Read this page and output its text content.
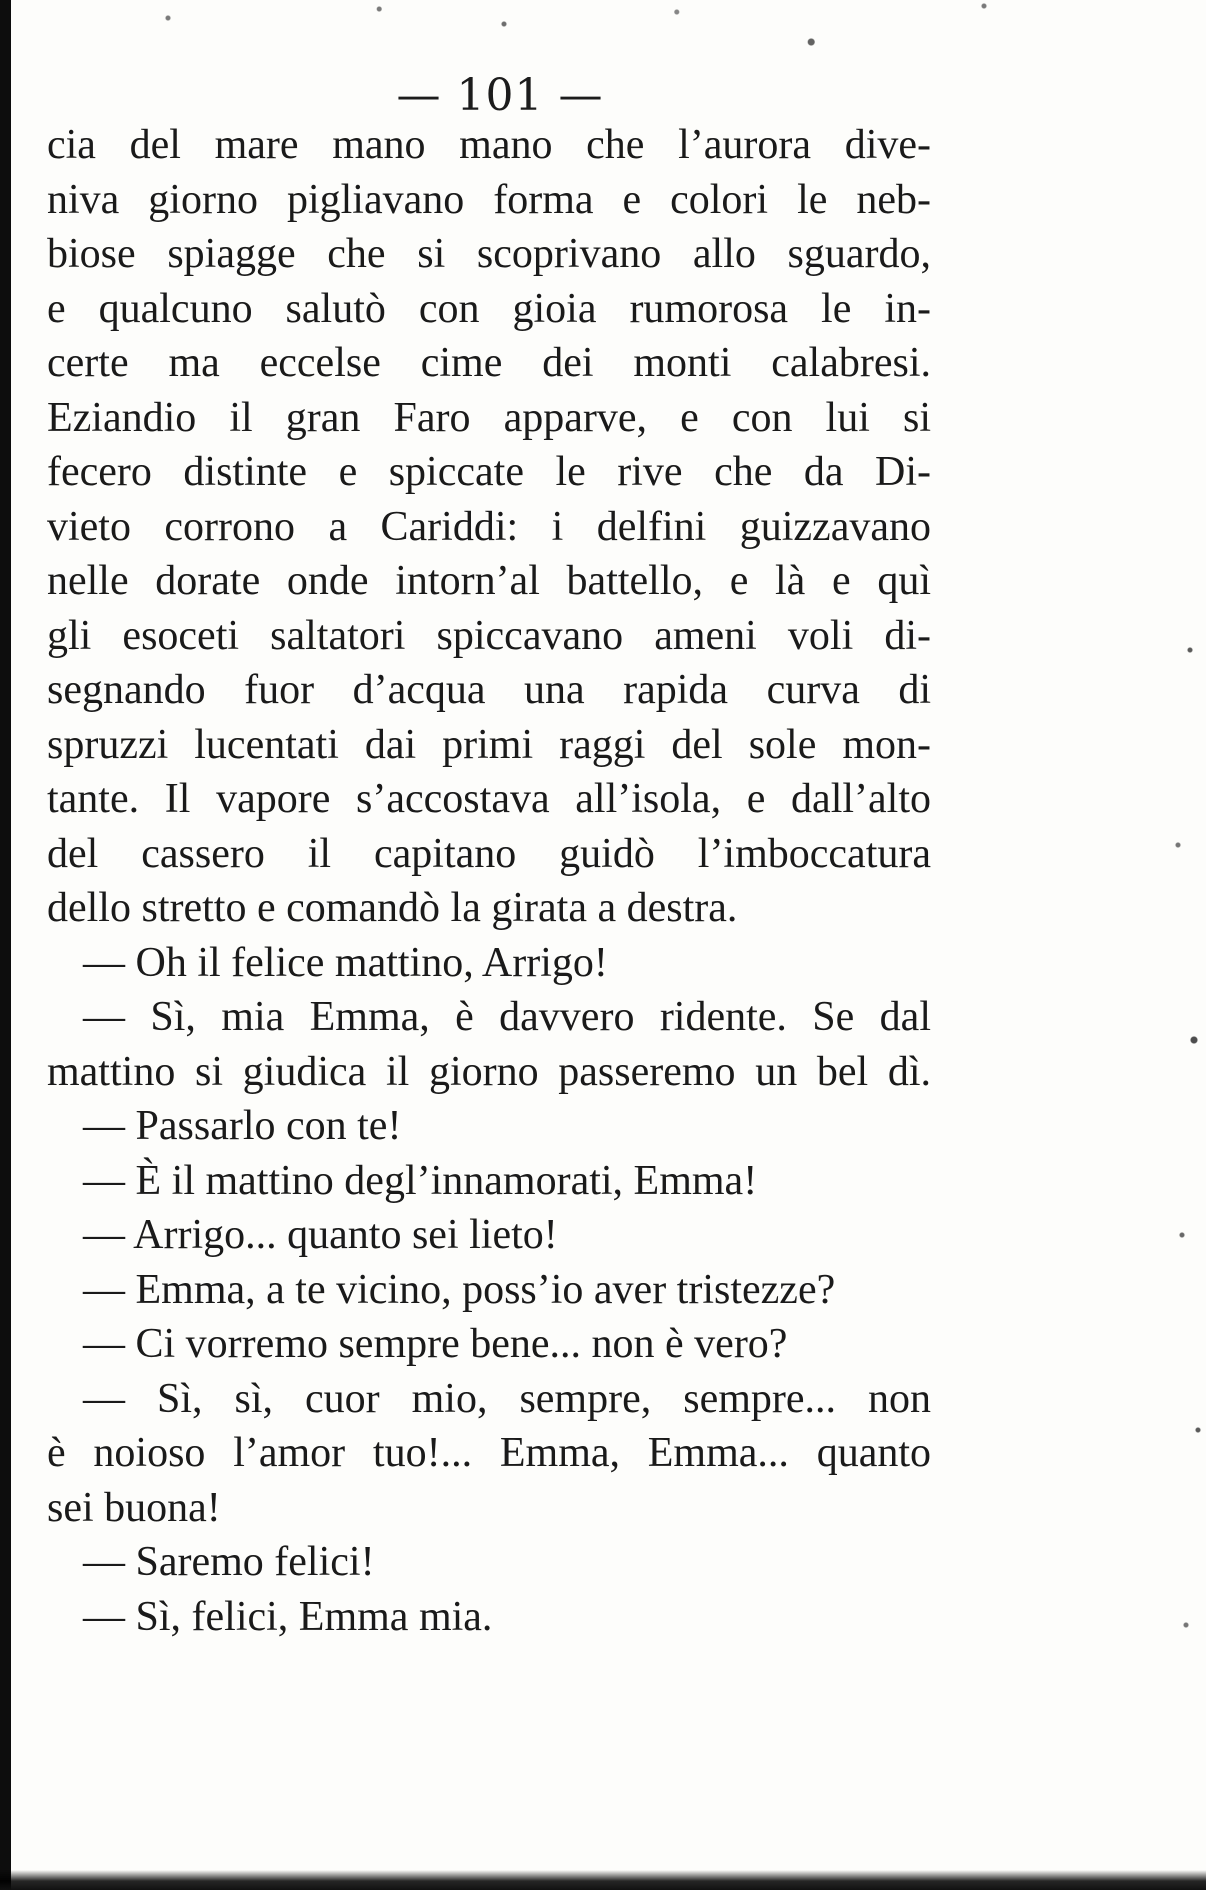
— 101 —
cia del mare mano mano che l’aurora dive-
niva giorno pigliavano forma e colori le neb-
biose spiagge che si scoprivano allo sguardo,
e qualcuno salutò con gioia rumorosa le in-
certe ma eccelse cime dei monti calabresi.
Eziandio il gran Faro apparve, e con lui si
fecero distinte e spiccate le rive che da Di-
vieto corrono a Cariddi: i delfini guizzavano
nelle dorate onde intorn’al battello, e là e quì
gli esoceti saltatori spiccavano ameni voli di-
segnando fuor d’acqua una rapida curva di
spruzzi lucentati dai primi raggi del sole mon-
tante. Il vapore s’accostava all’isola, e dall’alto
del cassero il capitano guidò l’imboccatura
dello stretto e comandò la girata a destra.
— Oh il felice mattino, Arrigo!
— Sì, mia Emma, è davvero ridente. Se dal
mattino si giudica il giorno passeremo un bel dì.
— Passarlo con te!
— È il mattino degl’innamorati, Emma!
— Arrigo... quanto sei lieto!
— Emma, a te vicino, poss’io aver tristezze?
— Ci vorremo sempre bene... non è vero?
— Sì, sì, cuor mio, sempre, sempre... non
è noioso l’amor tuo!... Emma, Emma... quanto
sei buona!
— Saremo felici!
— Sì, felici, Emma mia.
